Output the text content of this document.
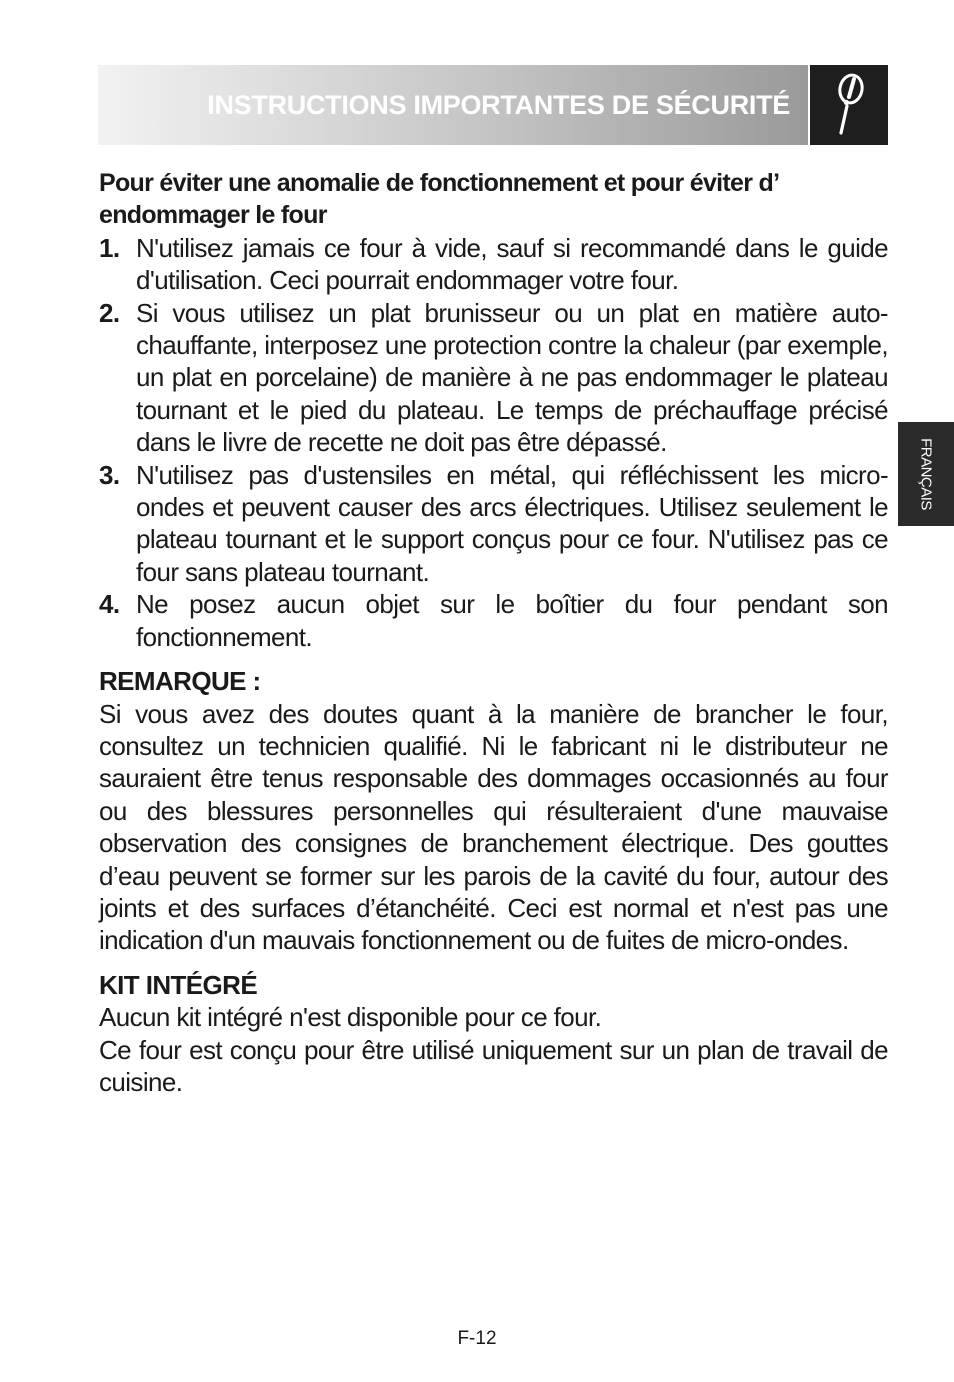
INSTRUCTIONS IMPORTANTES DE SÉCURITÉ
FRANÇAIS

Pour éviter une anomalie de fonctionnement et pour éviter d’ endommager le four

1. N'utilisez jamais ce four à vide, sauf si recommandé dans le guide d'utilisation. Ceci pourrait endommager votre four.
2. Si vous utilisez un plat brunisseur ou un plat en matière auto-chauffante, interposez une protection contre la chaleur (par exemple, un plat en porcelaine) de manière à ne pas endommager le plateau tournant et le pied du plateau. Le temps de préchauffage précisé dans le livre de recette ne doit pas être dépassé.
3. N'utilisez pas d'ustensiles en métal, qui réfléchissent les micro-ondes et peuvent causer des arcs électriques. Utilisez seulement le plateau tournant et le support conçus pour ce four. N'utilisez pas ce four sans plateau tournant.
4. Ne posez aucun objet sur le boîtier du four pendant son fonctionnement.

REMARQUE :

Si vous avez des doutes quant à la manière de brancher le four, consultez un technicien qualifié. Ni le fabricant ni le distributeur ne sauraient être tenus responsable des dommages occasionnés au four ou des blessures personnelles qui résulteraient d'une mauvaise observation des consignes de branchement électrique. Des gouttes d’eau peuvent se former sur les parois de la cavité du four, autour des joints et des surfaces d’étanchéité. Ceci est normal et n'est pas une indication d'un mauvais fonctionnement ou de fuites de micro-ondes.

KIT INTÉGRÉ

Aucun kit intégré n'est disponible pour ce four.

Ce four est conçu pour être utilisé uniquement sur un plan de travail de cuisine.

F-12
